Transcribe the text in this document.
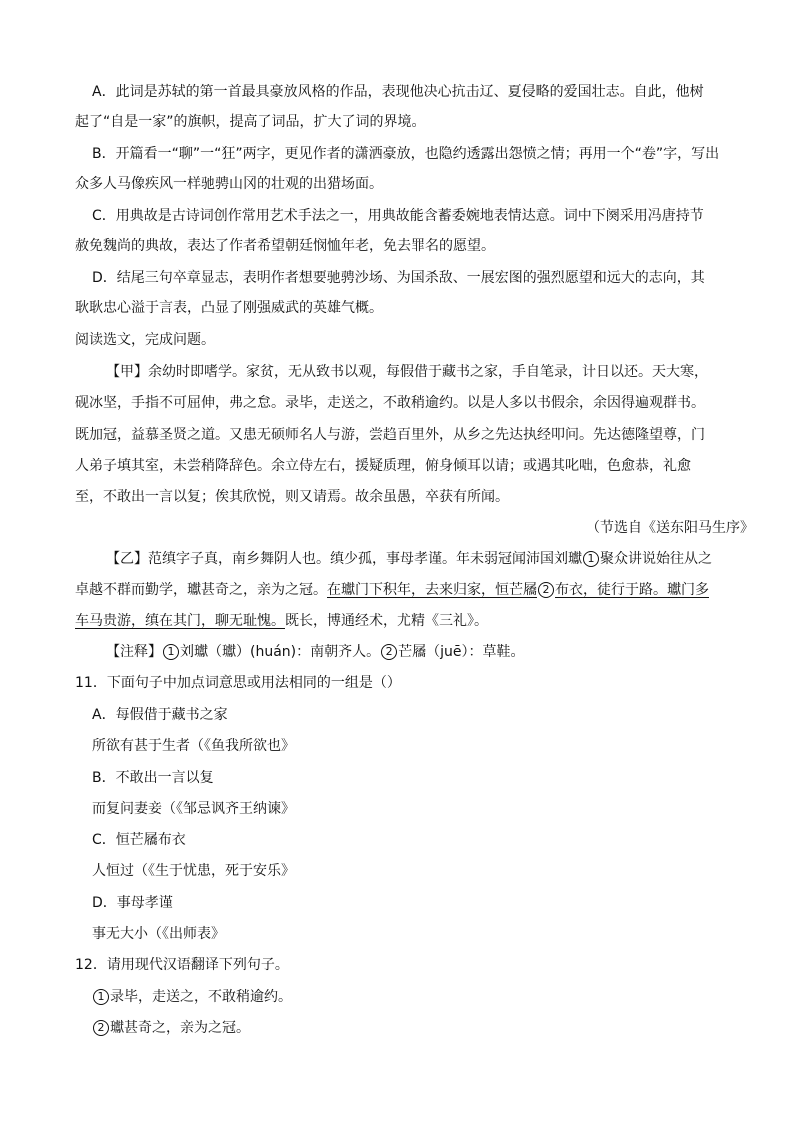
A．此词是苏轼的第一首最具豪放风格的作品，表现他决心抗击辽、夏侵略的爱国壮志。自此，他树
起了“自是一家”的旗帜，提高了词品，扩大了词的界境。
B．开篇看一“聊”一“狂”两字，更见作者的潇洒豪放，也隐约透露出怨愤之情；再用一个“卷”字，写出
众多人马像疾风一样驰骋山冈的壮观的出猎场面。
C．用典故是古诗词创作常用艺术手法之一，用典故能含蓄委婉地表情达意。词中下阕采用冯唐持节
赦免魏尚的典故，表达了作者希望朝廷悯恤年老，免去罪名的愿望。
D．结尾三句卒章显志，表明作者想要驰骋沙场、为国杀敌、一展宏图的强烈愿望和远大的志向，其
耿耿忠心溢于言表，凸显了刚强威武的英雄气概。
阅读选文，完成问题。
【甲】余幼时即嗜学。家贫，无从致书以观，每假借于藏书之家，手自笔录，计日以还。天大寒，
砚冰坚，手指不可屈伸，弗之怠。录毕，走送之，不敢稍逾约。以是人多以书假余，余因得遍观群书。
既加冠，益慕圣贤之道。又患无硕师名人与游，尝趋百里外，从乡之先达执经叩问。先达德隆望尊，门
人弟子填其室，未尝稍降辞色。余立侍左右，援疑质理，俯身倾耳以请；或遇其叱咄，色愈恭，礼愈
至，不敢出一言以复；俟其欣悦，则又请焉。故余虽愚，卒获有所闻。
（节选自《送东阳马生序》
【乙】范缜字子真，南乡舞阴人也。缜少孤，事母孝谨。年未弱冠闻沛国刘瓛 1 聚众讲说始往从之
卓越不群而勤学，瓛甚奇之，亲为之冠。在瓛门下积年，去来归家，恒芒屩 2 布衣，徒行于路。瓛门多
车马贵游，缜在其门，聊无耻愧。既长，博通经术，尤精《三礼》。
【注释】 1 刘瓛（瓛）(huán)：南朝齐人。 2 芒屩（juē）：草鞋。
11．下面句子中加点词意思或用法相同的一组是（）
A．每假借于藏书之家
所欲有甚于生者（《鱼我所欲也》
B．不敢出一言以复
而复问妻妾（《邹忌讽齐王纳谏》
C．恒芒屩布衣
人恒过（《生于忧患，死于安乐》
D．事母孝谨
事无大小（《出师表》
12．请用现代汉语翻译下列句子。
1 录毕，走送之，不敢稍逾约。
2 瓛甚奇之，亲为之冠。
